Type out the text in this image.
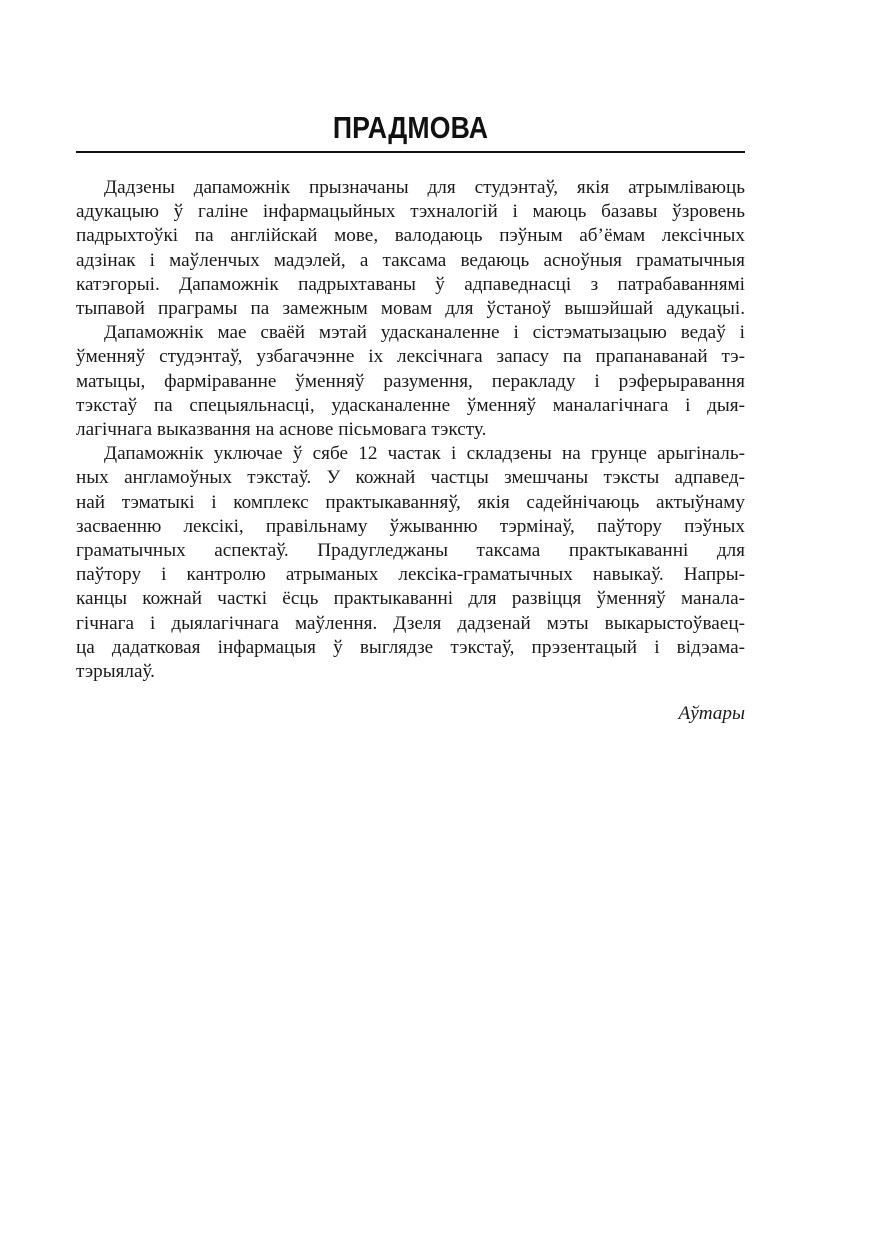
ПРАДМОВА

Дадзены дапаможнік прызначаны для студэнтаў, якія атрымліваюць
адукацыю ў галіне інфармацыйных тэхналогій і маюць базавы ўзровень
падрыхтоўкі па англійскай мове, валодаюць пэўным аб’ёмам лексічных
адзінак і маўленчых мадэлей, а таксама ведаюць асноўныя граматычныя
катэгорыі. Дапаможнік падрыхтаваны ў адпаведнасці з патрабаваннямі
тыпавой праграмы па замежным мовам для ўстаноў вышэйшай адукацыі.

Дапаможнік мае сваёй мэтай удасканаленне і сістэматызацыю ведаў і
ўменняў студэнтаў, узбагачэнне іх лексічнага запасу па прапанаванай тэ-
матыцы, фарміраванне ўменняў разумення, перакладу і рэферыравання
тэкстаў па спецыяльнасці, удасканаленне ўменняў маналагічнага і дыя-
лагічнага выказвання на аснове пісьмовага тэксту.

Дапаможнік уключае ў сябе 12 частак і складзены на грунце арыгіналь-
ных англамоўных тэкстаў. У кожнай частцы змешчаны тэксты адпавед-
най тэматыкі і комплекс практыкаванняў, якія садейнічаюць актыўнаму
засваенню лексікі, правільнаму ўжыванню тэрмінаў, паўтору пэўных
граматычных аспектаў. Прадугледжаны таксама практыкаванні для
паўтору і кантролю атрыманых лексіка-граматычных навыкаў. Напры-
канцы кожнай часткі ёсць практыкаванні для развіцця ўменняў манала-
гічнага і дыялагічнага маўлення. Дзеля дадзенай мэты выкарыстоўваец-
ца дадатковая інфармацыя ў выглядзе тэкстаў, прэзентацый і відэама-
тэрыялаў.

Аўтары
